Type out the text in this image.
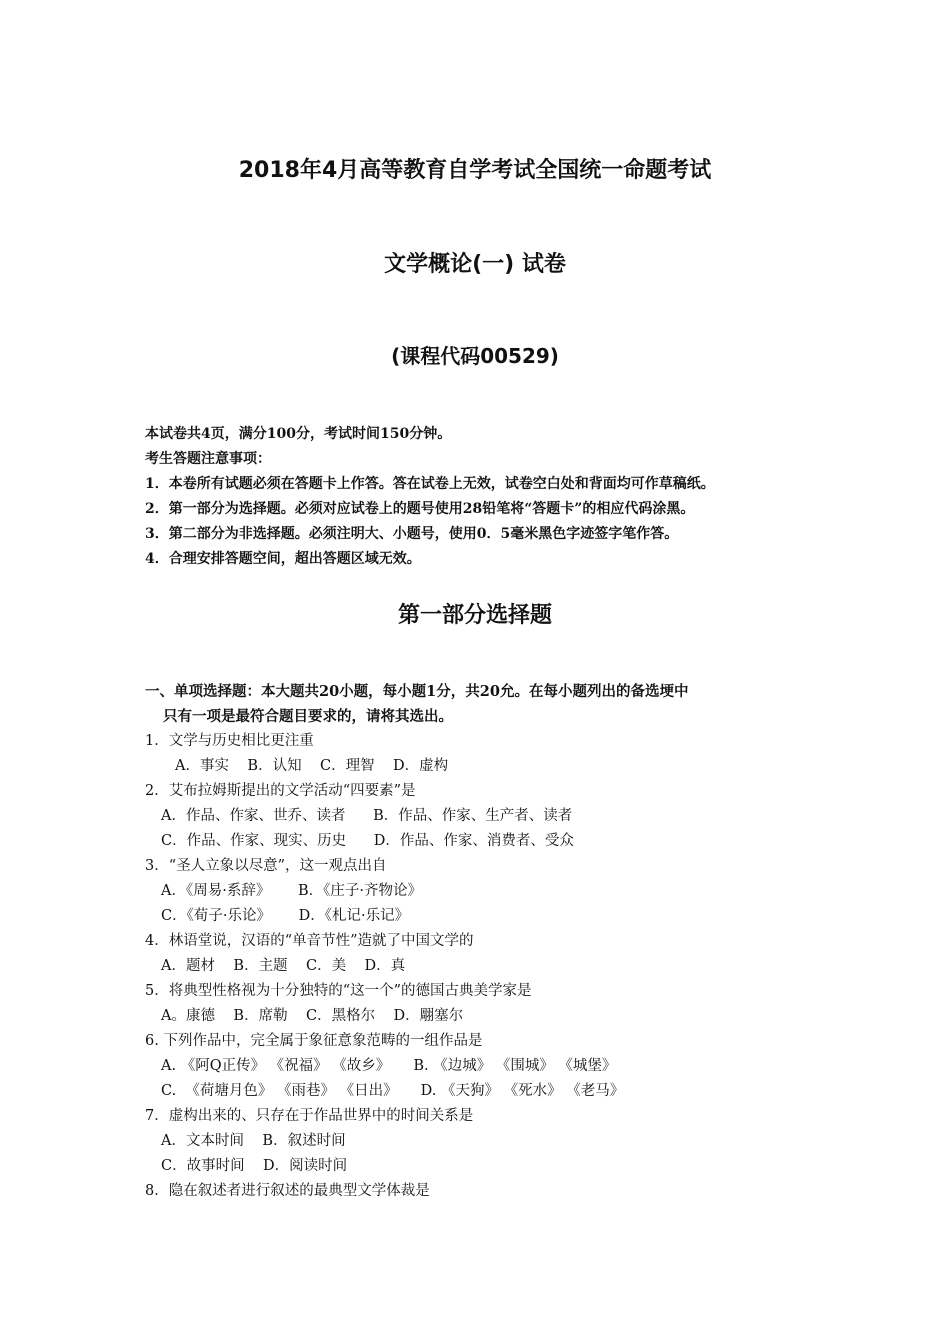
2018年4月高等教育自学考试全国统一命题考试
文学概论(一) 试卷
(课程代码00529)
本试卷共4页，满分100分，考试时间150分钟。
考生答题注意事项：
1．本卷所有试题必须在答题卡上作答。答在试卷上无效，试卷空白处和背面均可作草稿纸。
2．第一部分为选择题。必须对应试卷上的题号使用28铅笔将“答题卡”的相应代码涂黑。
3．第二部分为非选择题。必须注明大、小题号，使用0．5毫米黑色字迹签字笔作答。
4．合理安排答题空间，超出答题区域无效。
第一部分选择题
一、单项选择题：本大题共20小题，每小题1分，共20允。在每小题列出的备选埂中
只有一项是最符合题目要求的，请将其选出。
1．文学与历史相比更注重
A．事实    B．认知    C．理智    D．虚构
2．艾布拉姆斯提出的文学活动“四要素”是
A．作品、作家、世乔、读者      B．作品、作家、生产者、读者
C．作品、作家、现实、历史      D．作品、作家、消费者、受众
3．“圣人立象以尽意”，这一观点出自
A．《周易·系辞》      B．《庄子·齐物论》
C．《荀子·乐论》      D．《札记·乐记》
4．林语堂说，汉语的“单音节性”造就了中国文学的
A．题材    B．主题    C．美    D．真
5．将典型性格视为十分独特的“这一个”的德国古典美学家是
A。康德    B．席勒    C．黑格尔    D．翢塞尔
6. 下列作品中，完全属于象征意象范畴的一组作品是
A. 《阿Q正传》 《祝福》 《故乡》     B. 《边城》 《围城》 《城堡》
C.  《荷塘月色》 《雨巷》 《日出》     D. 《天狗》 《死水》 《老马》
7．虚构出来的、只存在于作品世界中的时间关系是
A．文本时间    B．叙述时间
C．故事时间    D．阅读时间
8．隐在叙述者进行叙述的最典型文学体裁是
